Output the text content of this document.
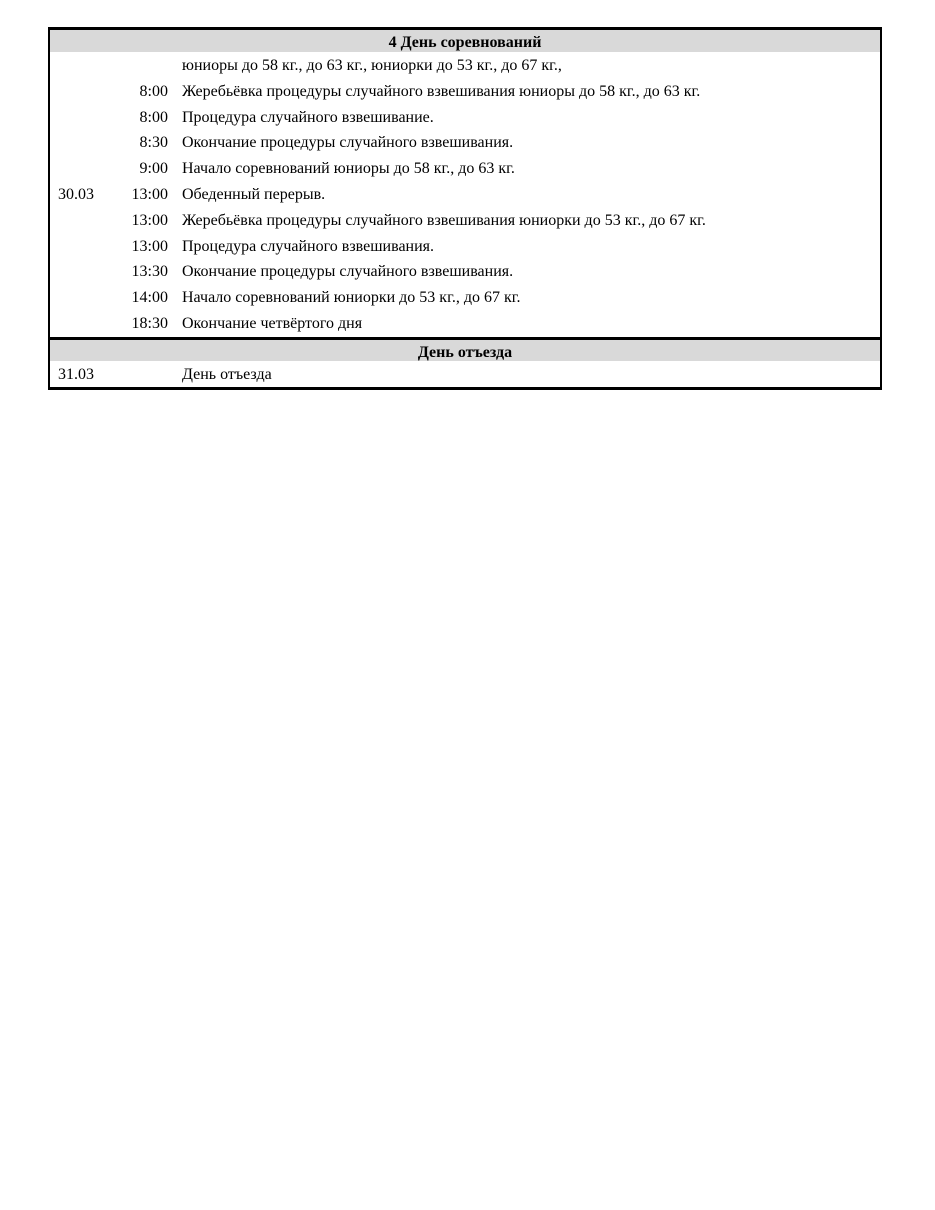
4 День соревнований
30.03
юниоры до 58 кг., до 63 кг., юниорки до 53 кг., до 67 кг.,
8:00 Жеребьёвка процедуры случайного взвешивания юниоры до 58 кг., до 63 кг.
8:00 Процедура случайного взвешивание.
8:30 Окончание процедуры случайного взвешивания.
9:00 Начало соревнований юниоры до 58 кг., до 63 кг.
13:00 Обеденный перерыв.
13:00 Жеребьёвка процедуры случайного взвешивания юниорки до 53 кг., до 67 кг.
13:00 Процедура случайного взвешивания.
13:30 Окончание процедуры случайного взвешивания.
14:00 Начало соревнований юниорки до 53 кг., до 67 кг.
18:30 Окончание четвёртого дня
День отъезда
31.03	День отъезда
